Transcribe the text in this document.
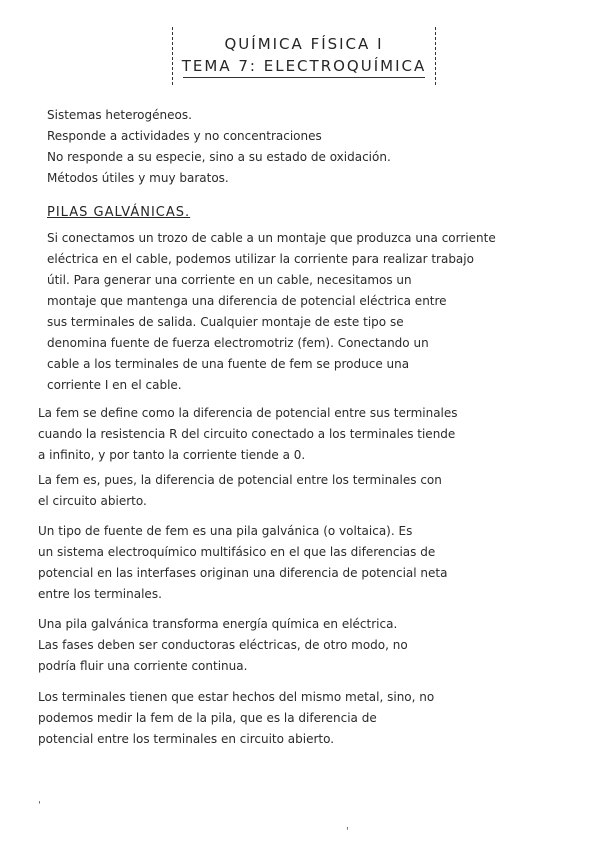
QUÍMICA FÍSICA I
TEMA 7: ELECTROQUÍMICA
Sistemas heterogéneos.
Responde a actividades y no concentraciones
No responde a su especie, sino a su estado de oxidación.
Métodos útiles y muy baratos.
PILAS GALVÁNICAS.
Si conectamos un trozo de cable a un montaje que produzca una corriente
eléctrica en el cable, podemos utilizar la corriente para realizar trabajo
útil. Para generar una corriente en un cable, necesitamos un
montaje que mantenga una diferencia de potencial eléctrica entre
sus terminales de salida. Cualquier montaje de este tipo se
denomina fuente de fuerza electromotriz (fem). Conectando un
cable a los terminales de una fuente de fem se produce una
corriente I en el cable.
La fem se define como la diferencia de potencial entre sus terminales
cuando la resistencia R del circuito conectado a los terminales tiende
a infinito, y por tanto la corriente tiende a 0.
La fem es, pues, la diferencia de potencial entre los terminales con
el circuito abierto.
Un tipo de fuente de fem es una pila galvánica (o voltaica). Es
un sistema electroquímico multifásico en el que las diferencias de
potencial en las interfases originan una diferencia de potencial neta
entre los terminales.
Una pila galvánica transforma energía química en eléctrica.
Las fases deben ser conductoras eléctricas, de otro modo, no
podría fluir una corriente continua.
Los terminales tienen que estar hechos del mismo metal, sino, no
podemos medir la fem de la pila, que es la diferencia de
potencial entre los terminales en circuito abierto.
'
'
